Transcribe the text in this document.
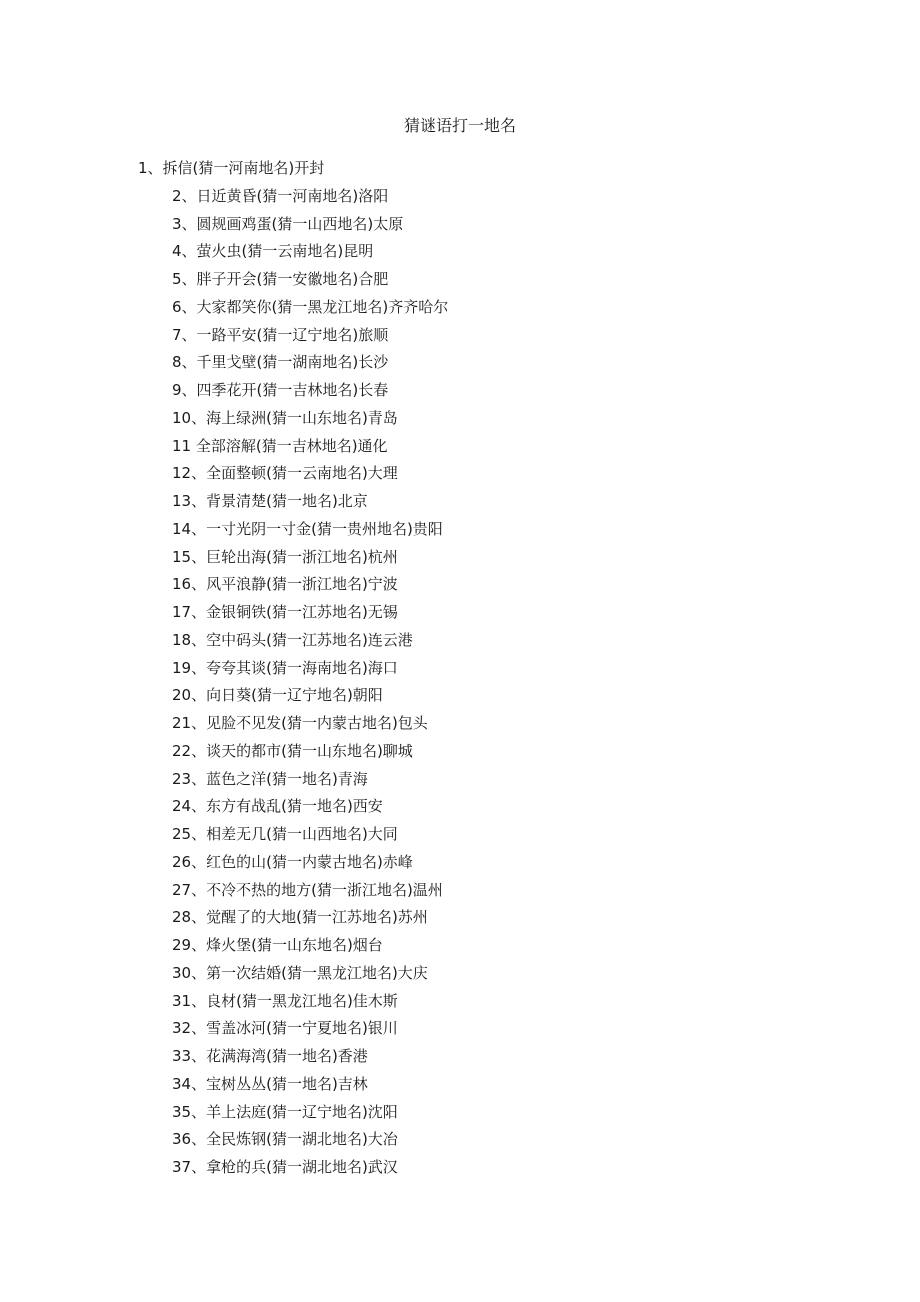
猜谜语打一地名
1、拆信(猜一河南地名)开封
2、日近黄昏(猜一河南地名)洛阳
3、圆规画鸡蛋(猜一山西地名)太原
4、萤火虫(猜一云南地名)昆明
5、胖子开会(猜一安徽地名)合肥
6、大家都笑你(猜一黑龙江地名)齐齐哈尔
7、一路平安(猜一辽宁地名)旅顺
8、千里戈壁(猜一湖南地名)长沙
9、四季花开(猜一吉林地名)长春
10、海上绿洲(猜一山东地名)青岛
11 全部溶解(猜一吉林地名)通化
12、全面整顿(猜一云南地名)大理
13、背景清楚(猜一地名)北京
14、一寸光阴一寸金(猜一贵州地名)贵阳
15、巨轮出海(猜一浙江地名)杭州
16、风平浪静(猜一浙江地名)宁波
17、金银铜铁(猜一江苏地名)无锡
18、空中码头(猜一江苏地名)连云港
19、夸夸其谈(猜一海南地名)海口
20、向日葵(猜一辽宁地名)朝阳
21、见脸不见发(猜一内蒙古地名)包头
22、谈天的都市(猜一山东地名)聊城
23、蓝色之洋(猜一地名)青海
24、东方有战乱(猜一地名)西安
25、相差无几(猜一山西地名)大同
26、红色的山(猜一内蒙古地名)赤峰
27、不冷不热的地方(猜一浙江地名)温州
28、觉醒了的大地(猜一江苏地名)苏州
29、烽火堡(猜一山东地名)烟台
30、第一次结婚(猜一黑龙江地名)大庆
31、良材(猜一黑龙江地名)佳木斯
32、雪盖冰河(猜一宁夏地名)银川
33、花满海湾(猜一地名)香港
34、宝树丛丛(猜一地名)吉林
35、羊上法庭(猜一辽宁地名)沈阳
36、全民炼钢(猜一湖北地名)大冶
37、拿枪的兵(猜一湖北地名)武汉
